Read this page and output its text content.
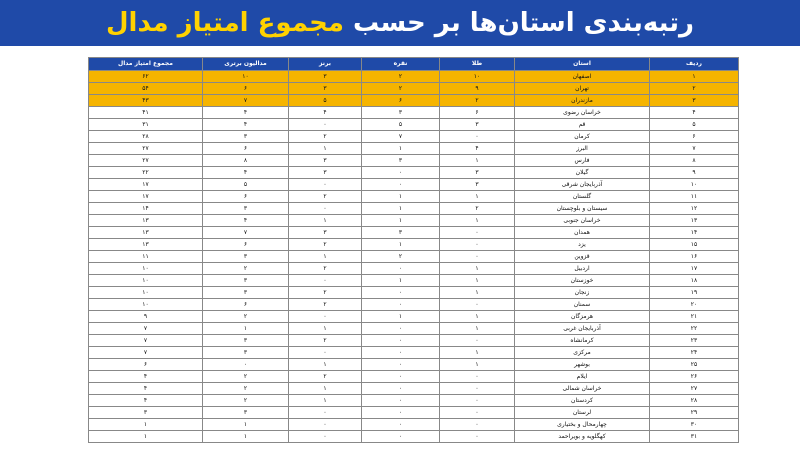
رتبه‌بندی استان‌ها بر حسب مجموع امتیاز مدال
ردیف	استان	طلا	نقره	برنز	مدالیون برتری	مجموع امتیاز مدال
۱	اصفهان	۱۰	۲	۳	۱۰	۶۲
۲	تهران	۹	۲	۳	۶	۵۴
۳	مازندران	۲	۶	۵	۷	۴۳
۴	خراسان رضوی	۶	۳	۴	۴	۴۱
۵	قم	۳	۵	۰	۴	۳۱
۶	کرمان	۰	۷	۲	۳	۲۸
۷	البرز	۴	۱	۱	۶	۲۷
۸	فارس	۱	۳	۳	۸	۲۷
۹	گیلان	۳	۰	۳	۴	۲۲
۱۰	آذربایجان شرقی	۳	۰	۰	۵	۱۷
۱۱	گلستان	۱	۱	۲	۶	۱۷
۱۲	سیستان و بلوچستان	۲	۱	۰	۳	۱۴
۱۳	خراسان جنوبی	۱	۱	۱	۴	۱۳
۱۴	همدان	۰	۳	۳	۷	۱۳
۱۵	یزد	۰	۱	۲	۶	۱۳
۱۶	قزوین	۰	۲	۱	۳	۱۱
۱۷	اردبیل	۱	۰	۲	۲	۱۰
۱۸	خوزستان	۱	۱	۰	۳	۱۰
۱۹	زنجان	۱	۰	۲	۳	۱۰
۲۰	سمنان	۰	۰	۲	۶	۱۰
۲۱	هرمزگان	۱	۱	۰	۲	۹
۲۲	آذربایجان غربی	۱	۰	۱	۱	۷
۲۳	کرمانشاه	۰	۰	۲	۳	۷
۲۴	مرکزی	۱	۰	۰	۳	۷
۲۵	بوشهر	۱	۰	۱	۰	۶
۲۶	ایلام	۰	۰	۲	۲	۴
۲۷	خراسان شمالی	۰	۰	۱	۲	۴
۲۸	کردستان	۰	۰	۱	۲	۴
۲۹	لرستان	۰	۰	۰	۳	۳
۳۰	چهارمحال و بختیاری	۰	۰	۰	۱	۱
۳۱	کهگلویه و بویراحمد	۰	۰	۰	۱	۱
